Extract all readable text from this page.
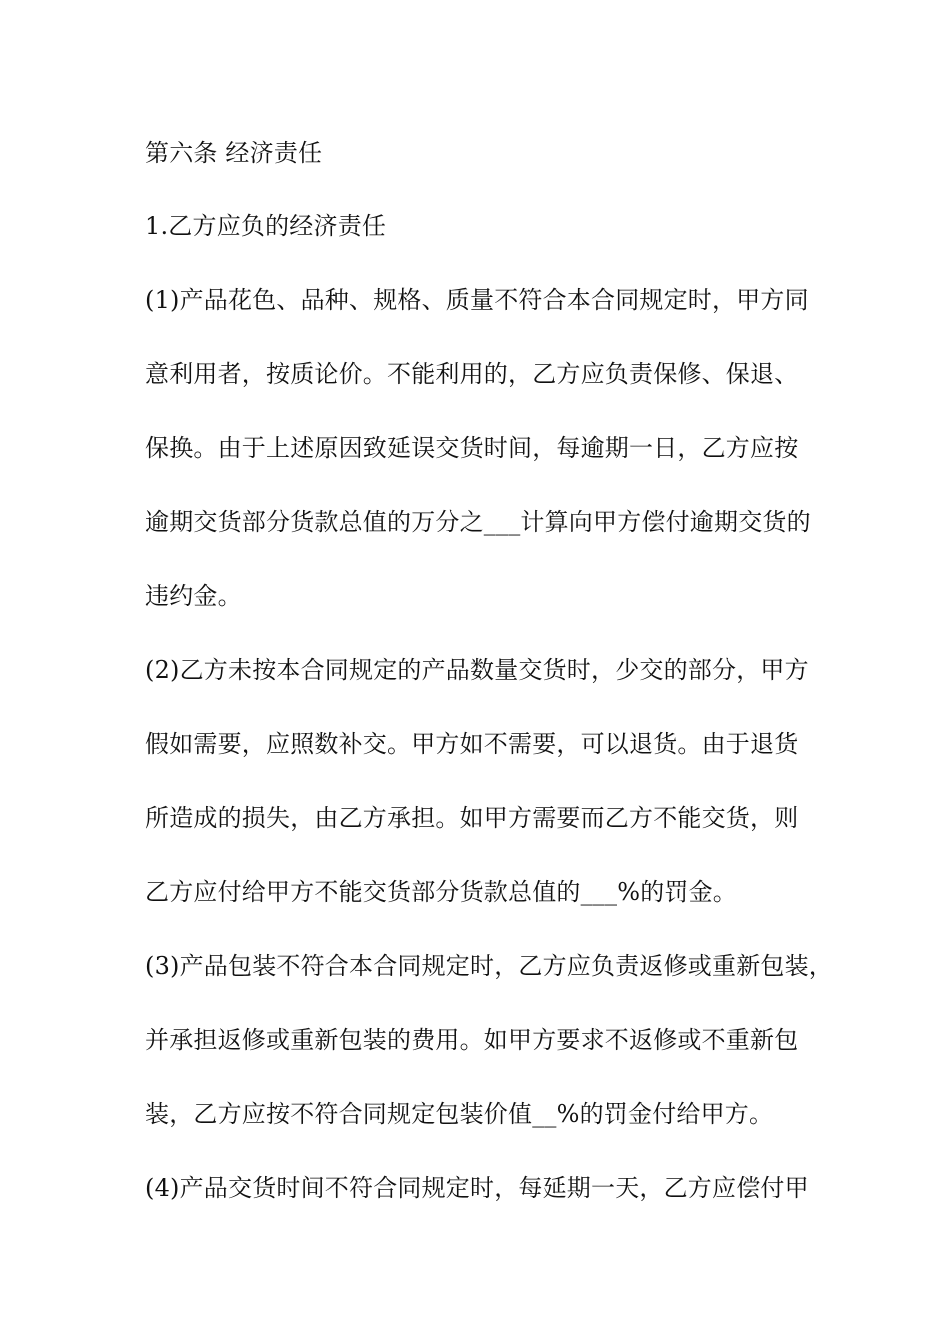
第六条 经济责任
1.乙方应负的经济责任
(1)产品花色、品种、规格、质量不符合本合同规定时，甲方同
意利用者，按质论价。不能利用的，乙方应负责保修、保退、
保换。由于上述原因致延误交货时间，每逾期一日，乙方应按
逾期交货部分货款总值的万分之___计算向甲方偿付逾期交货的
违约金。
(2)乙方未按本合同规定的产品数量交货时，少交的部分，甲方
假如需要，应照数补交。甲方如不需要，可以退货。由于退货
所造成的损失，由乙方承担。如甲方需要而乙方不能交货，则
乙方应付给甲方不能交货部分货款总值的___%的罚金。
(3)产品包装不符合本合同规定时，乙方应负责返修或重新包装，
并承担返修或重新包装的费用。如甲方要求不返修或不重新包
装，乙方应按不符合同规定包装价值__%的罚金付给甲方。
(4)产品交货时间不符合同规定时，每延期一天，乙方应偿付甲
